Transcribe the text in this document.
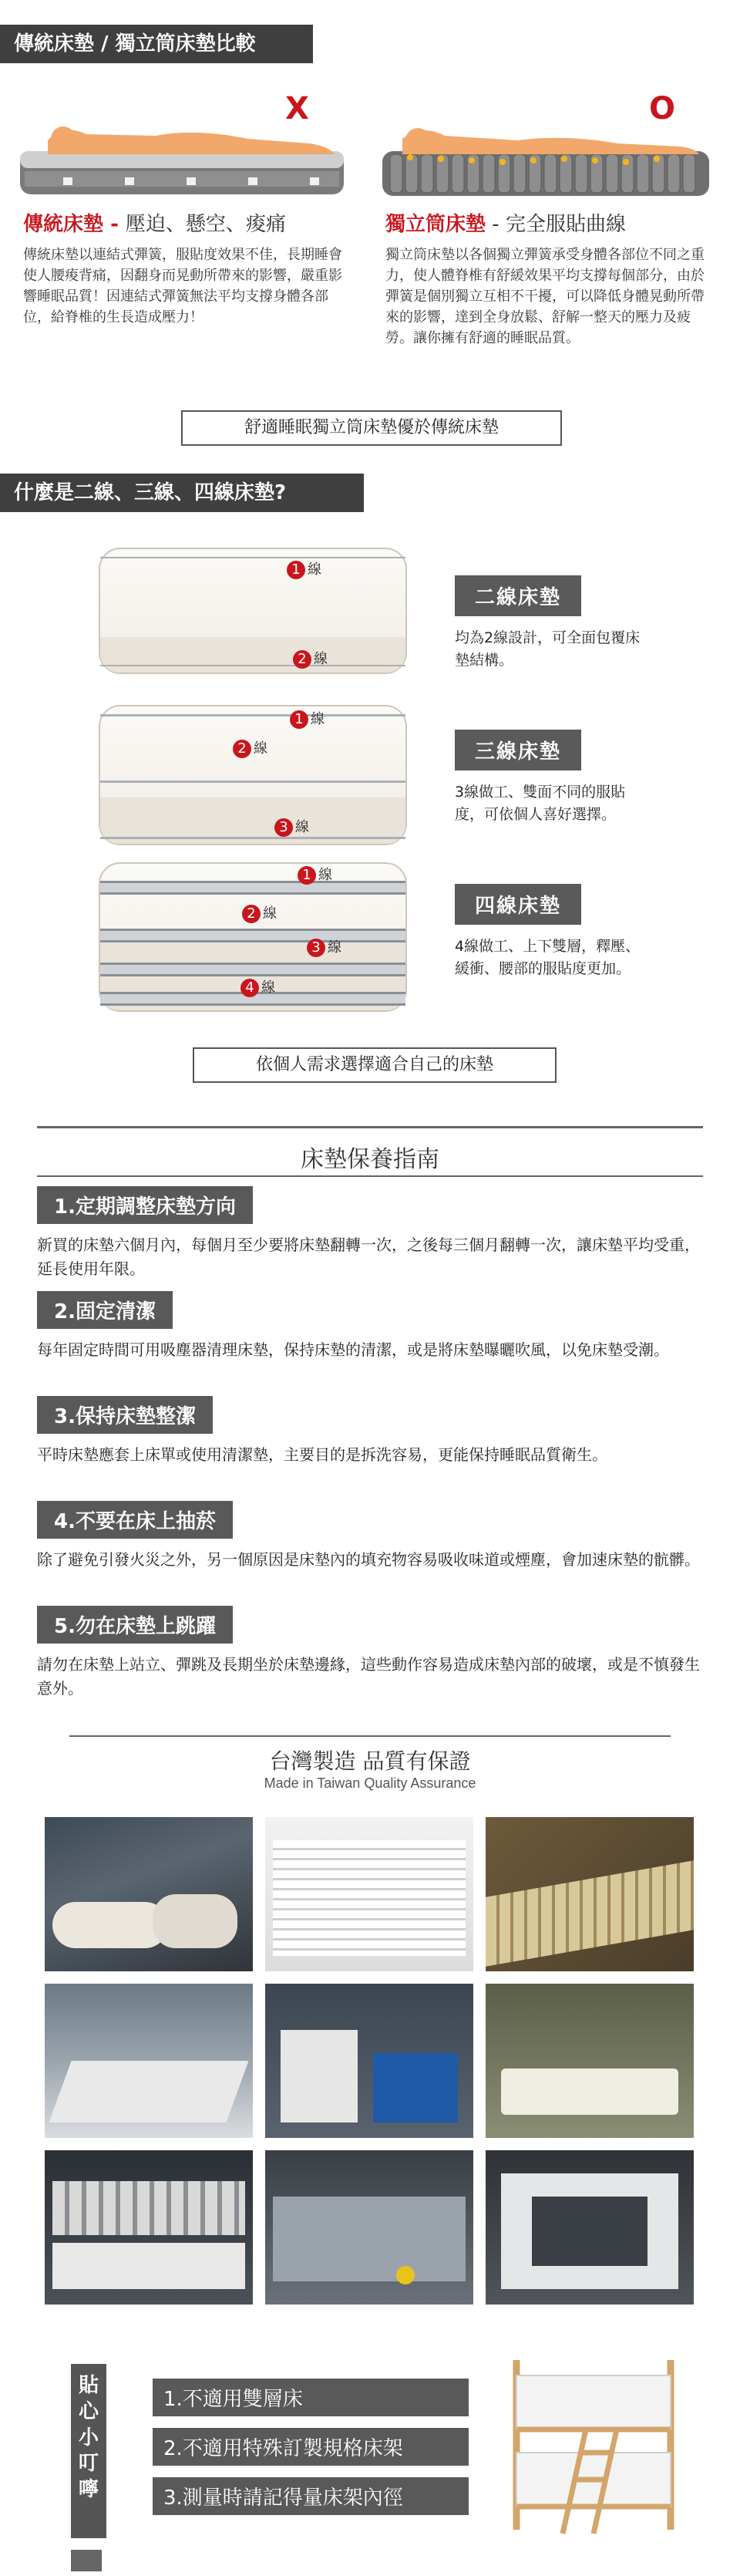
傳統床墊 / 獨立筒床墊比較
X	O
傳統床墊 - 壓迫、懸空、痠痛
傳統床墊以連結式彈簧，服貼度效果不佳，長期睡會使人腰痠背痛，因翻身而晃動所帶來的影響，嚴重影響睡眠品質！因連結式彈簧無法平均支撐身體各部位，給脊椎的生長造成壓力！
獨立筒床墊 - 完全服貼曲線
獨立筒床墊以各個獨立彈簧承受身體各部位不同之重力，使人體脊椎有舒緩效果平均支撐每個部分，由於彈簧是個別獨立互相不干擾，可以降低身體晃動所帶來的影響，達到全身放鬆、舒解一整天的壓力及疲勞。讓你擁有舒適的睡眠品質。
舒適睡眠獨立筒床墊優於傳統床墊
什麼是二線、三線、四線床墊?
1 線
2 線
1 線
2 線
3 線
1 線
2 線
3 線
4 線
二線床墊
均為2線設計，可全面包覆床墊結構。
三線床墊
3線做工、雙面不同的服貼度，可依個人喜好選擇。
四線床墊
4線做工、上下雙層，釋壓、緩衝、腰部的服貼度更加。
依個人需求選擇適合自己的床墊
床墊保養指南
1.定期調整床墊方向
新買的床墊六個月內，每個月至少要將床墊翻轉一次，之後每三個月翻轉一次，讓床墊平均受重，延長使用年限。
2.固定清潔
每年固定時間可用吸塵器清理床墊，保持床墊的清潔，或是將床墊曝曬吹風，以免床墊受潮。
3.保持床墊整潔
平時床墊應套上床單或使用清潔墊，主要目的是拆洗容易，更能保持睡眠品質衛生。
4.不要在床上抽菸
除了避免引發火災之外，另一個原因是床墊內的填充物容易吸收味道或煙塵，會加速床墊的骯髒。
5.勿在床墊上跳躍
請勿在床墊上站立、彈跳及長期坐於床墊邊緣，這些動作容易造成床墊內部的破壞，或是不慎發生意外。
台灣製造 品質有保證
Made in Taiwan Quality Assurance
貼
心
小
叮
嚀
1.不適用雙層床
2.不適用特殊訂製規格床架
3.測量時請記得量床架內徑
